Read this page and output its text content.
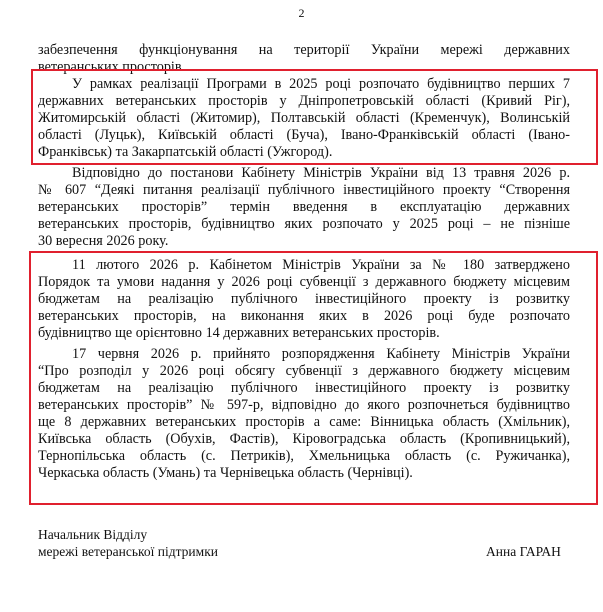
2
забезпечення функціонування на території України мережі державних
ветеранських просторів.
У рамках реалізації Програми в 2025 році розпочато будівництво перших 7
державних ветеранських просторів у Дніпропетровській області (Кривий Ріг),
Житомирській області (Житомир), Полтавській області (Кременчук), Волинській
області (Луцьк), Київській області (Буча), Івано-Франківській області (Івано-
Франківськ) та Закарпатській області (Ужгород).
Відповідно до постанови Кабінету Міністрів України від 13 травня 2026 р.
№ 607 “Деякі питання реалізації публічного інвестиційного проекту “Створення
ветеранських просторів” термін введення в експлуатацію державних
ветеранських просторів, будівництво яких розпочато у 2025 році – не пізніше
30 вересня 2026 року.
11 лютого 2026 р. Кабінетом Міністрів України за № 180 затверджено
Порядок та умови надання у 2026 році субвенції з державного бюджету місцевим
бюджетам на реалізацію публічного інвестиційного проекту із розвитку
ветеранських просторів, на виконання яких в 2026 році буде розпочато
будівництво ще орієнтовно 14 державних ветеранських просторів.
17 червня 2026 р. прийнято розпорядження Кабінету Міністрів України
“Про розподіл у 2026 році обсягу субвенції з державного бюджету місцевим
бюджетам на реалізацію публічного інвестиційного проекту із розвитку
ветеранських просторів” № 597-р, відповідно до якого розпочнеться будівництво
ще 8 державних ветеранських просторів а саме: Вінницька область (Хмільник),
Київська область (Обухів, Фастів), Кіровоградська область (Кропивницький),
Тернопільська область (с. Петриків), Хмельницька область (с. Ружичанка),
Черкаська область (Умань) та Чернівецька область (Чернівці).
Начальник Відділу
мережі ветеранської підтримки	Анна ГАРАН
